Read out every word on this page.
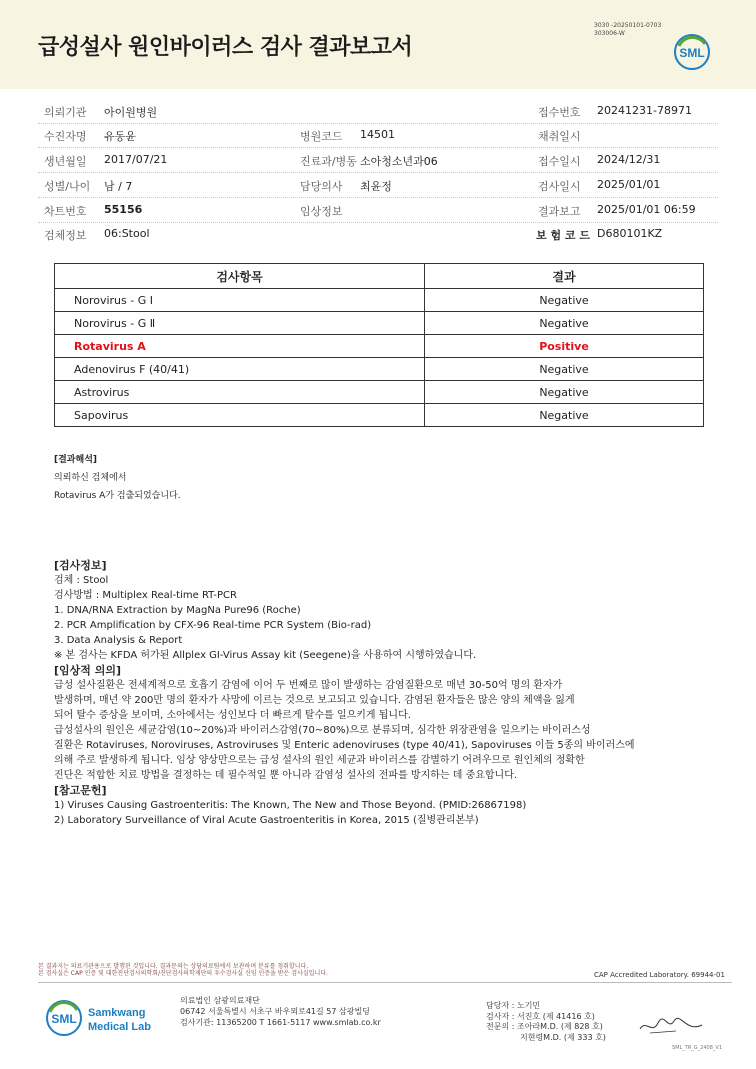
급성설사 원인바이러스 검사 결과보고서
3030 -20250101-0703
303006-W
SML
의뢰기관 아이원병원	접수번호 20241231-78971
수진자명 유동윤	병원코드 14501	채취일시
생년월일 2017/07/21	진료과/병동 소아청소년과06	접수일시 2024/12/31
성별/나이 남 / 7	담당의사 최윤정	검사일시 2025/01/01
차트번호 55156	임상정보	결과보고 2025/01/01 06:59
검체정보 06:Stool	보 험 코 드 D680101KZ
검사항목	결과
Norovirus - G Ⅰ	Negative
Norovirus - G Ⅱ	Negative
Rotavirus A	Positive
Adenovirus F (40/41)	Negative
Astrovirus	Negative
Sapovirus	Negative
[결과해석]
의뢰하신 검체에서
Rotavirus A가 검출되었습니다.
[검사정보]
검체 : Stool
검사방법 : Multiplex Real-time RT-PCR
1. DNA/RNA Extraction by MagNa Pure96 (Roche)
2. PCR Amplification by CFX-96 Real-time PCR System (Bio-rad)
3. Data Analysis & Report
※ 본 검사는 KFDA 허가된 Allplex GI-Virus Assay kit (Seegene)을 사용하여 시행하였습니다.
[임상적 의의]
급성 설사질환은 전세계적으로 호흡기 감염에 이어 두 번째로 많이 발생하는 감염질환으로 매년 30-50억 명의 환자가
발생하며, 매년 약 200만 명의 환자가 사망에 이르는 것으로 보고되고 있습니다. 감염된 환자들은 많은 양의 체액을 잃게
되어 탈수 증상을 보이며, 소아에서는 성인보다 더 빠르게 탈수를 일으키게 됩니다.
급성설사의 원인은 세균감염(10~20%)과 바이러스감염(70~80%)으로 분류되며, 심각한 위장관염을 일으키는 바이러스성
질환은 Rotaviruses, Noroviruses, Astroviruses 및 Enteric adenoviruses (type 40/41), Sapoviruses 이들 5종의 바이러스에
의해 주로 발생하게 됩니다. 임상 양상만으로는 급성 설사의 원인 세균과 바이러스를 감별하기 어려우므로 원인체의 정확한
진단은 적합한 치료 방법을 결정하는 데 필수적일 뿐 아니라 감염성 설사의 전파를 방지하는 데 중요합니다.
[참고문헌]
1) Viruses Causing Gastroenteritis: The Known, The New and Those Beyond. (PMID:26867198)
2) Laboratory Surveillance of Viral Acute Gastroenteritis in Korea, 2015 (질병관리본부)
본 결과지는 의료기관용으로 발행된 것입니다. 결과문의는 상담의료팀에서 보관하며 분류를 청취합니다.
본 검사실은 CAP 인증 및 대한진단검사의학회/진단검사의학재단의 우수검사실 신임 인증을 받은 검사실입니다.	CAP Accredited Laboratory. 69944-01
SML Samkwang
Medical Lab
의료법인 삼광의료재단
06742 서울특별시 서초구 바우뫼로41길 57 삼광빌딩
검사기관: 11365200 T 1661-5117 www.smlab.co.kr
담당자 : 노기민
검사자 : 서진호 (제 41416 호)
전문의 : 조아라M.D. (제 828 호)
지현령M.D. (제 333 호)
SML_TR_G_2408_V1
